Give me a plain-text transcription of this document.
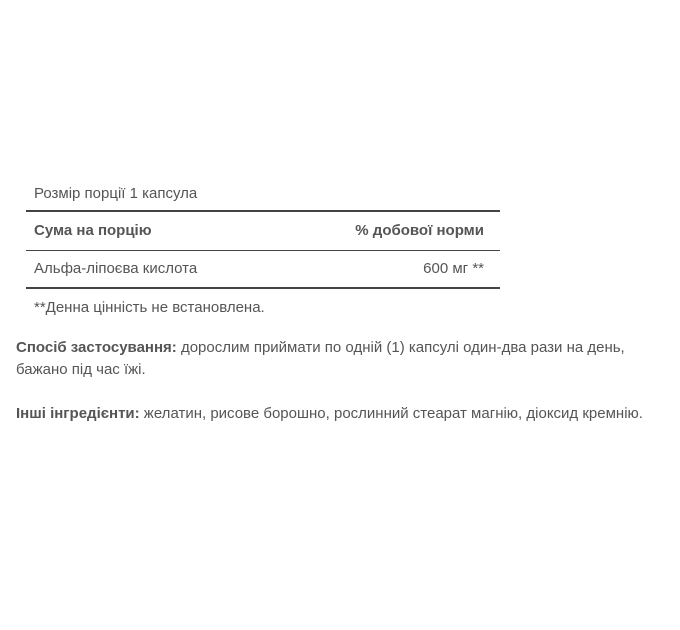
Розмір порції 1 капсула
Сума на порцію	% добової норми
Альфа-ліпоєва кислота	600 мг **
**Денна цінність не встановлена.
Спосіб застосування: дорослим приймати по одній (1) капсулі один-два рази на день, бажано під час їжі.
Інші інгредієнти: желатин, рисове борошно, рослинний стеарат магнію, діоксид кремнію.
